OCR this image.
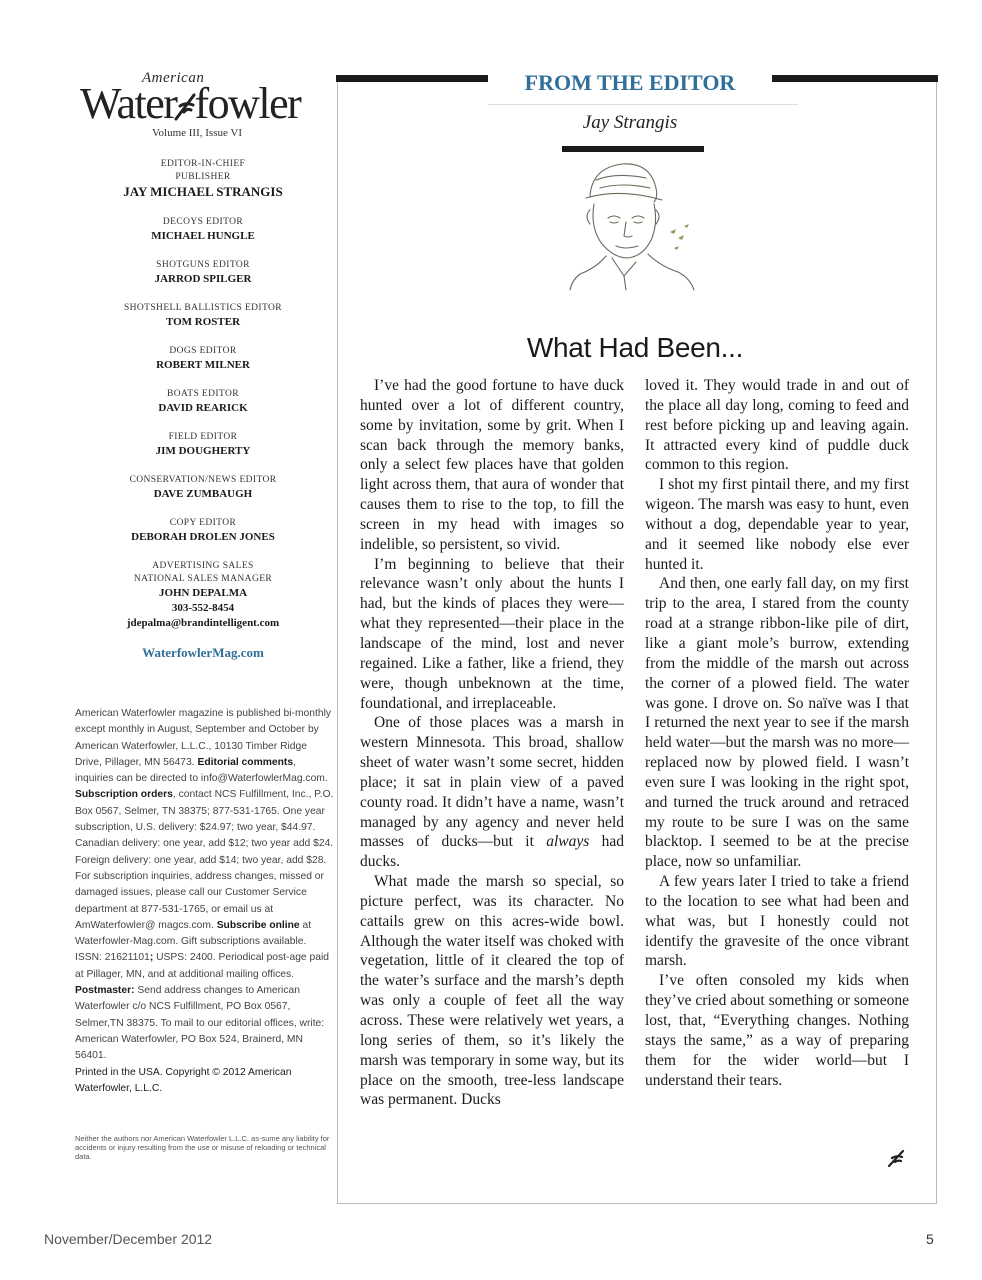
American
Water fowler
Volume III, Issue VI
EDITOR-IN-CHIEF
PUBLISHER
JAY MICHAEL STRANGIS
DECOYS EDITOR
MICHAEL HUNGLE
SHOTGUNS EDITOR
JARROD SPILGER
SHOTSHELL BALLISTICS EDITOR
TOM ROSTER
DOGS EDITOR
ROBERT MILNER
BOATS EDITOR
DAVID REARICK
FIELD EDITOR
JIM DOUGHERTY
CONSERVATION/NEWS EDITOR
DAVE ZUMBAUGH
COPY EDITOR
DEBORAH DROLEN JONES
ADVERTISING SALES
NATIONAL SALES MANAGER
JOHN DEPALMA
303-552-8454
jdepalma@brandintelligent.com
WaterfowlerMag.com
American Waterfowler magazine is published bi-monthly except monthly in August, September and October by American Waterfowler, L.L.C., 10130 Timber Ridge Drive, Pillager, MN 56473. Editorial comments, inquiries can be directed to info@WaterfowlerMag.com. Subscription orders, contact NCS Fulfillment, Inc., P.O. Box 0567, Selmer, TN 38375; 877-531-1765. One year subscription, U.S. delivery: $24.97; two year, $44.97. Canadian delivery: one year, add $12; two year add $24. Foreign delivery: one year, add $14; two year, add $28. For subscription inquiries, address changes, missed or damaged issues, please call our Customer Service department at 877-531-1765, or email us at AmWaterfowler@ magcs.com. Subscribe online at Waterfowler-Mag.com. Gift subscriptions available. ISSN: 21621101; USPS: 2400. Periodical post-age paid at Pillager, MN, and at additional mailing offices. Postmaster: Send address changes to American Waterfowler c/o NCS Fulfillment, PO Box 0567, Selmer,TN 38375. To mail to our editorial offices, write: American Waterfowler, PO Box 524, Brainerd, MN 56401.
Printed in the USA. Copyright © 2012 American Waterfowler, L.L.C.
Neither the authors nor American Waterfowler L.L.C. as-sume any liability for accidents or injury resulting from the use or misuse of reloading or technical data.
FROM THE EDITOR
Jay Strangis
What Had Been...

I’ve had the good fortune to have duck hunted over a lot of different country, some by invitation, some by grit. When I scan back through the memory banks, only a select few places have that golden light across them, that aura of wonder that causes them to rise to the top, to fill the screen in my head with images so indelible, so persistent, so vivid.

I’m beginning to believe that their relevance wasn’t only about the hunts I had, but the kinds of places they were—what they represented—their place in the landscape of the mind, lost and never regained. Like a father, like a friend, they were, though unbeknown at the time, foundational, and irreplaceable.

One of those places was a marsh in western Minnesota. This broad, shallow sheet of water wasn’t some secret, hidden place; it sat in plain view of a paved county road. It didn’t have a name, wasn’t managed by any agency and never held masses of ducks—but it always had ducks.

What made the marsh so special, so picture perfect, was its character. No cattails grew on this acres-wide bowl. Although the water itself was choked with vegetation, little of it cleared the top of the water’s surface and the marsh’s depth was only a couple of feet all the way across. These were relatively wet years, a long series of them, so it’s likely the marsh was temporary in some way, but its place on the smooth, tree-less landscape was permanent. Ducks

loved it. They would trade in and out of the place all day long, coming to feed and rest before picking up and leaving again. It attracted every kind of puddle duck common to this region.

I shot my first pintail there, and my first wigeon. The marsh was easy to hunt, even without a dog, dependable year to year, and it seemed like nobody else ever hunted it.

And then, one early fall day, on my first trip to the area, I stared from the county road at a strange ribbon-like pile of dirt, like a giant mole’s burrow, extending from the middle of the marsh out across the corner of a plowed field. The water was gone. I drove on. So naïve was I that I returned the next year to see if the marsh held water—but the marsh was no more—replaced now by plowed field. I wasn’t even sure I was looking in the right spot, and turned the truck around and retraced my route to be sure I was on the same blacktop. I seemed to be at the precise place, now so unfamiliar.

A few years later I tried to take a friend to the location to see what had been and what was, but I honestly could not identify the gravesite of the once vibrant marsh.

I’ve often consoled my kids when they’ve cried about something or someone lost, that, “Everything changes. Nothing stays the same,” as a way of preparing them for the wider world—but I understand their tears.

November/December 2012	5
